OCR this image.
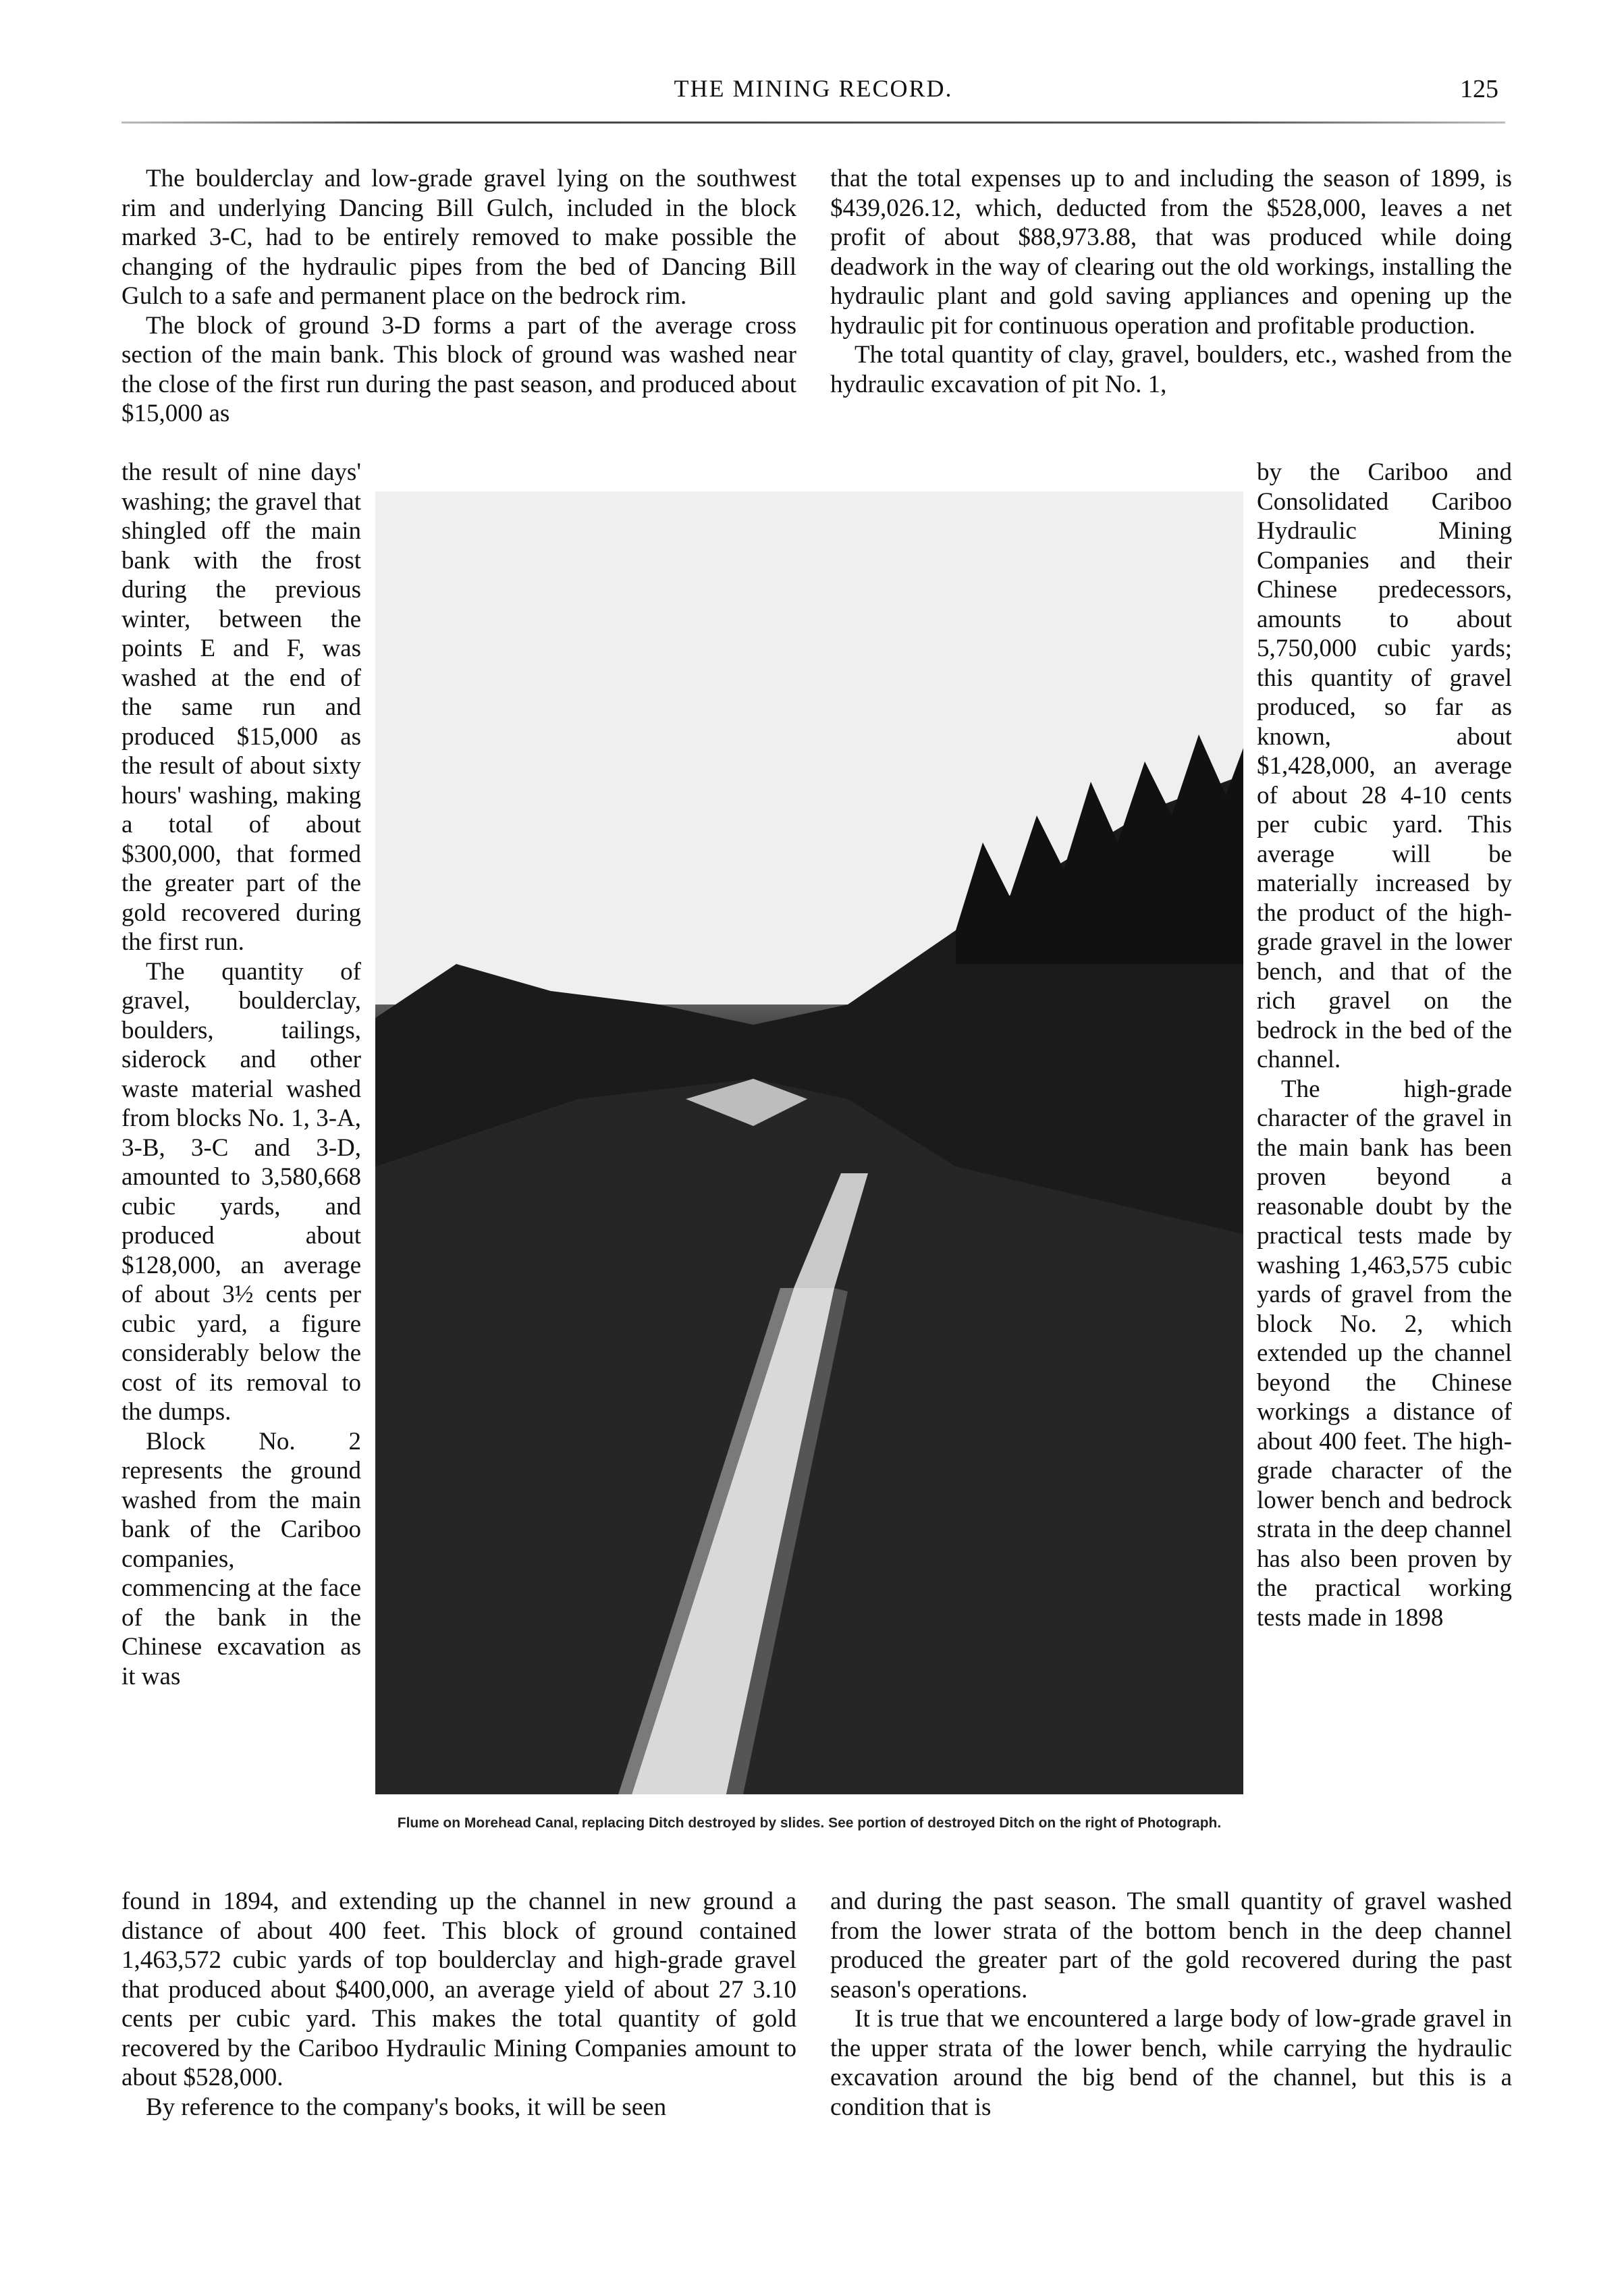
THE MINING RECORD.	125

The boulderclay and low-grade gravel lying on the southwest rim and underlying Dancing Bill Gulch, included in the block marked 3-C, had to be entirely removed to make possible the changing of the hydraulic pipes from the bed of Dancing Bill Gulch to a safe and permanent place on the bedrock rim.

The block of ground 3-D forms a part of the average cross section of the main bank. This block of ground was washed near the close of the first run during the past season, and produced about $15,000 as

the result of nine days' washing; the gravel that shingled off the main bank with the frost during the previous winter, between the points E and F, was washed at the end of the same run and produced $15,000 as the result of about sixty hours' washing, making a total of about $300,000, that formed the greater part of the gold recovered during the first run.

The quantity of gravel, boulderclay, boulders, tailings, siderock and other waste material washed from blocks No. 1, 3-A, 3-B, 3-C and 3-D, amounted to 3,580,668 cubic yards, and produced about $128,000, an average of about 3½ cents per cubic yard, a figure considerably below the cost of its removal to the dumps.

Block No. 2 represents the ground washed from the main bank of the Cariboo companies, commencing at the face of the bank in the Chinese excavation as it was

that the total expenses up to and including the season of 1899, is $439,026.12, which, deducted from the $528,000, leaves a net profit of about $88,973.88, that was produced while doing deadwork in the way of clearing out the old workings, installing the hydraulic plant and gold saving appliances and opening up the hydraulic pit for continuous operation and profitable production.

The total quantity of clay, gravel, boulders, etc., washed from the hydraulic excavation of pit No. 1,

by the Cariboo and Consolidated Cariboo Hydraulic Mining Companies and their Chinese predecessors, amounts to about 5,750,000 cubic yards; this quantity of gravel produced, so far as known, about $1,428,000, an average of about 28 4-10 cents per cubic yard. This average will be materially increased by the product of the high-grade gravel in the lower bench, and that of the rich gravel on the bedrock in the bed of the channel.

The high-grade character of the gravel in the main bank has been proven beyond a reasonable doubt by the practical tests made by washing 1,463,575 cubic yards of gravel from the block No. 2, which extended up the channel beyond the Chinese workings a distance of about 400 feet. The high-grade character of the lower bench and bedrock strata in the deep channel has also been proven by the practical working tests made in 1898

Flume on Morehead Canal, replacing Ditch destroyed by slides. See portion of destroyed Ditch on the right of Photograph.

found in 1894, and extending up the channel in new ground a distance of about 400 feet. This block of ground contained 1,463,572 cubic yards of top boulderclay and high-grade gravel that produced about $400,000, an average yield of about 27 3.10 cents per cubic yard. This makes the total quantity of gold recovered by the Cariboo Hydraulic Mining Companies amount to about $528,000.

By reference to the company's books, it will be seen

and during the past season. The small quantity of gravel washed from the lower strata of the bottom bench in the deep channel produced the greater part of the gold recovered during the past season's operations.

It is true that we encountered a large body of low-grade gravel in the upper strata of the lower bench, while carrying the hydraulic excavation around the big bend of the channel, but this is a condition that is
